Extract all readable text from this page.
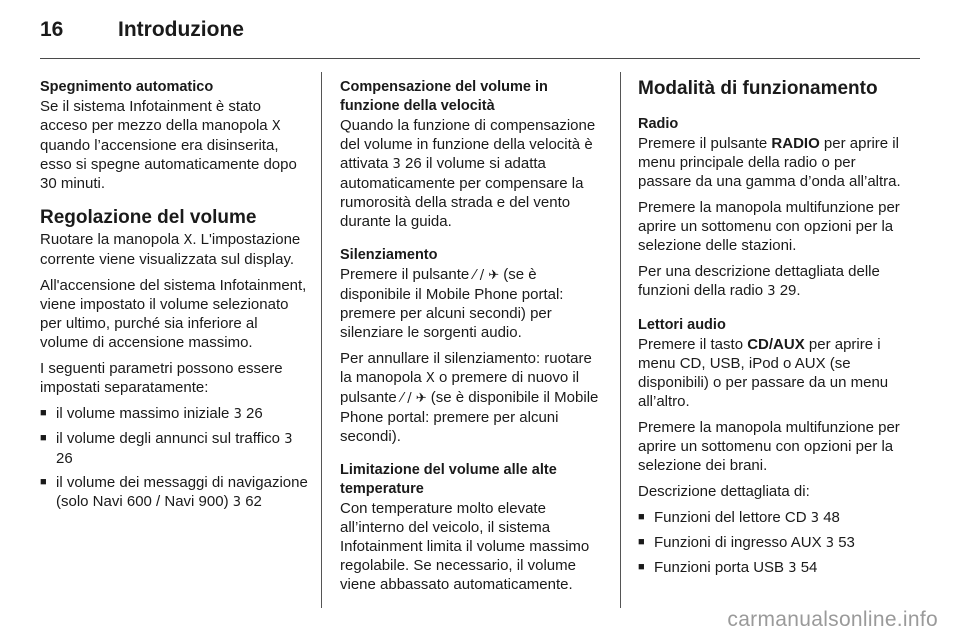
16	Introduzione
Spegnimento automatico

Se il sistema Infotainment è stato acceso per mezzo della manopola X quando l’accensione era disinserita, esso si spegne automaticamente dopo 30 minuti.

Regolazione del volume

Ruotare la manopola X. L'impostazione corrente viene visualizzata sul display.

All'accensione del sistema Infotainment, viene impostato il volume selezionato per ultimo, purché sia inferiore al volume di accensione massimo.

I seguenti parametri possono essere impostati separatamente:

■ il volume massimo iniziale 3 26
■ il volume degli annunci sul traffico 3 26
■ il volume dei messaggi di navigazione (solo Navi 600 / Navi 900) 3 62
Compensazione del volume in funzione della velocità

Quando la funzione di compensazione del volume in funzione della velocità è attivata 3 26 il volume si adatta automaticamente per compensare la rumorosità della strada e del vento durante la guida.

Silenziamento

Premere il pulsante ⁄ / ✈ (se è disponibile il Mobile Phone portal: premere per alcuni secondi) per silenziare le sorgenti audio.

Per annullare il silenziamento: ruotare la manopola X o premere di nuovo il pulsante ⁄ / ✈ (se è disponibile il Mobile Phone portal: premere per alcuni secondi).

Limitazione del volume alle alte temperature

Con temperature molto elevate all’interno del veicolo, il sistema Infotainment limita il volume massimo regolabile. Se necessario, il volume viene abbassato automaticamente.

Modalità di funzionamento
Radio

Premere il pulsante RADIO per aprire il menu principale della radio o per passare da una gamma d’onda all’altra.

Premere la manopola multifunzione per aprire un sottomenu con opzioni per la selezione delle stazioni.

Per una descrizione dettagliata delle funzioni della radio 3 29.

Lettori audio

Premere il tasto CD/AUX per aprire i menu CD, USB, iPod o AUX (se disponibili) o per passare da un menu all’altro.

Premere la manopola multifunzione per aprire un sottomenu con opzioni per la selezione dei brani.

Descrizione dettagliata di:

■ Funzioni del lettore CD 3 48
■ Funzioni di ingresso AUX 3 53
■ Funzioni porta USB 3 54
carmanualsonline.info
